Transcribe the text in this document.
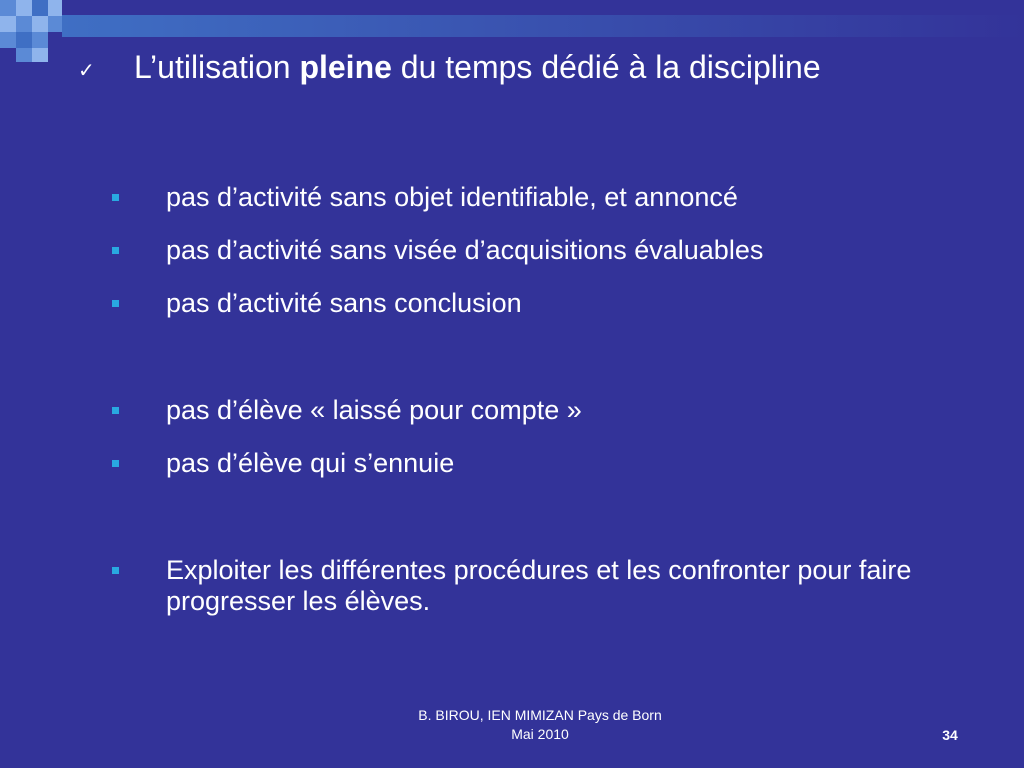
✓ L’utilisation pleine du temps dédié à la discipline
pas d’activité sans objet identifiable, et annoncé
pas d’activité sans visée d’acquisitions évaluables
pas d’activité sans conclusion
pas d’élève « laissé pour compte »
pas d’élève qui s’ennuie
Exploiter les différentes procédures et les confronter pour faire progresser les élèves.
B. BIROU, IEN MIMIZAN Pays de Born
Mai 2010	34
